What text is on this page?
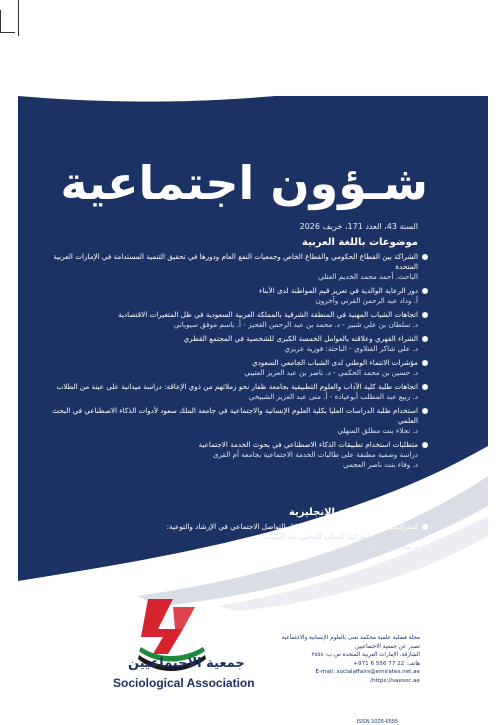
171	مجلة
شـؤون اجتماعية
السنة 43، العدد 171، خريف 2026
موضوعات باللغة العربية
الشراكة بين القطاع الحكومي والقطاع الخاص وجمعيات النفع العام ودورها في تحقيق التنمية المستدامة في الإمارات العربية المتحدة
الباحث. أحمد محمد الخديم العتلي
دور الرعاية الوالدية في تعزيز قيم المواطنة لدى الأبناء
أ. وداد عبد الرحمن القرني وآخرون
اتجاهات الشباب المهنية في المنطقة الشرقية بالمملكة العربية السعودية في ظل المتغيرات الاقتصادية
د. سلطان بن علي شبير - د. محمد بن عبد الرحمن القحيز - أ. باسم موفق سيوباني
الشراء القهري وعلاقته بالعوامل الخمسة الكبرى للشخصية في المجتمع القطري
د. علي شاكر الفتلاوي - الباحثة: فوزية عزيزي
مؤشرات الانتماء الوطني لدى الشباب الجامعي السعودي
د. حسين بن محمد الحكمي - د. ناصر بن عبد العزيز العتيبي
اتجاهات طلبة كلية الآداب والعلوم التطبيقية بجامعة ظفار نحو زملائهم من ذوي الإعاقة: دراسة ميدانية على عينة من الطلاب
د. ربيع عبد المطلب أبوعيادة - أ. منى عبد العزيز الشبيخي
استخدام طلبة الدراسات العليا بكلية العلوم الإنسانية والاجتماعية في جامعة الملك سعود لأدوات الذكاء الاصطناعي في البحث العلمي
د. نجلاء بنت مطلق السهلي
متطلبات استخدام تطبيقات الذكاء الاصطناعي في بحوث الخدمة الاجتماعية
دراسة وصفية مطبقة على طالبات الخدمة الاجتماعية بجامعة أم القرى
د. وفاء بنت ناصر العجمي
موضوعات باللغة الانجليزية
استراتيجيات الإقلاع عن التدخين ودور وسائل التواصل الاجتماعي في الإرشاد والتوعية:
دراسة تحليلية استقرائية لأسباب التدخين عند الشباب
د. نيال أحمد المعلم وآخرون
جمعية الاجتماعيين
Sociological Association
مجلة فصلية علمية محكمة تعنى بالعلوم الإنسانية والاجتماعية
تصدر عن جمعية الاجتماعيين
الشارقة، الإمارات العربية المتحدة ص.ب: ٢٥٥٨
هاتف: 22 77 556 6 971+
E-mail: socialaffairs@emirates.net.ae
https://saesoc.ae/
ISSN 1025-6555
